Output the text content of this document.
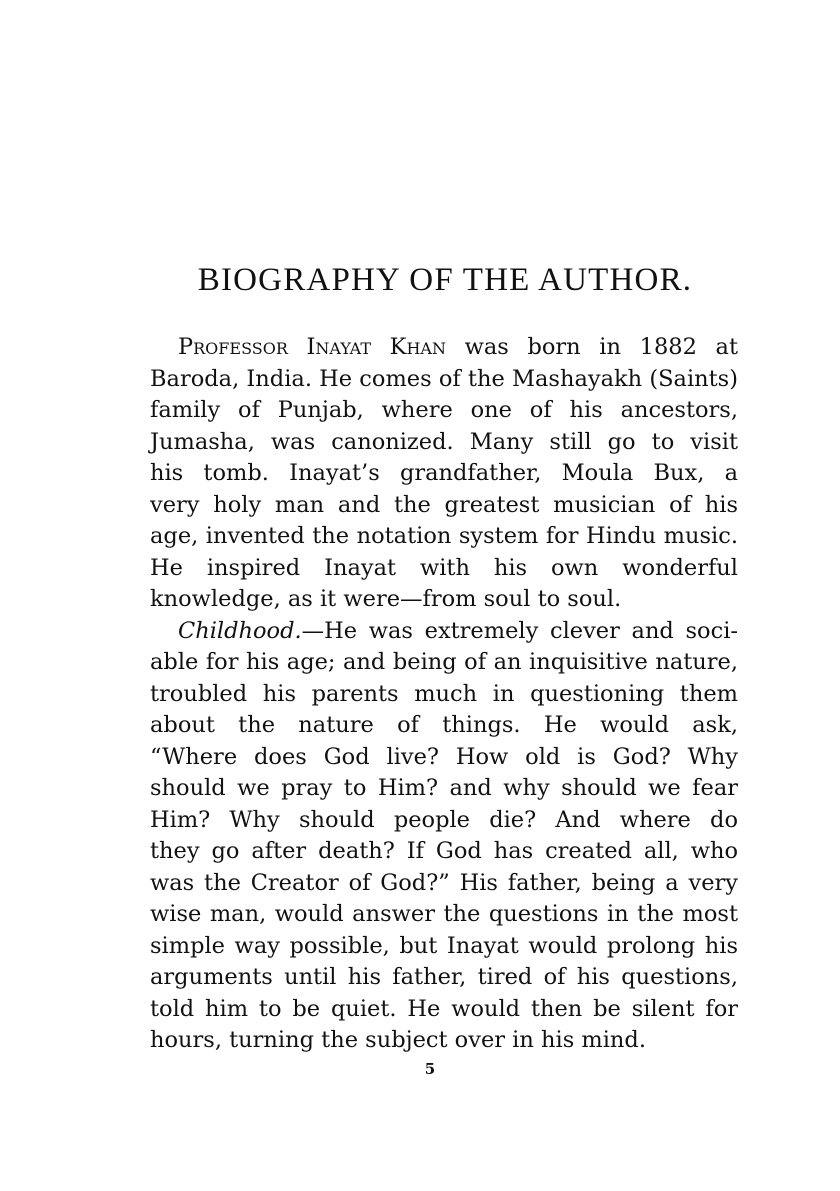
BIOGRAPHY OF THE AUTHOR.
Professor Inayat Khan was born in 1882 at
Baroda, India. He comes of the Mashayakh (Saints)
family of Punjab, where one of his ancestors,
Jumasha, was canonized. Many still go to visit
his tomb. Inayat’s grandfather, Moula Bux, a
very holy man and the greatest musician of his
age, invented the notation system for Hindu music.
He inspired Inayat with his own wonderful
knowledge, as it were—from soul to soul.
Childhood.—He was extremely clever and soci-
able for his age; and being of an inquisitive nature,
troubled his parents much in questioning them
about the nature of things. He would ask,
“Where does God live? How old is God? Why
should we pray to Him? and why should we fear
Him? Why should people die? And where do
they go after death? If God has created all, who
was the Creator of God?” His father, being a very
wise man, would answer the questions in the most
simple way possible, but Inayat would prolong his
arguments until his father, tired of his questions,
told him to be quiet. He would then be silent for
hours, turning the subject over in his mind.
5
